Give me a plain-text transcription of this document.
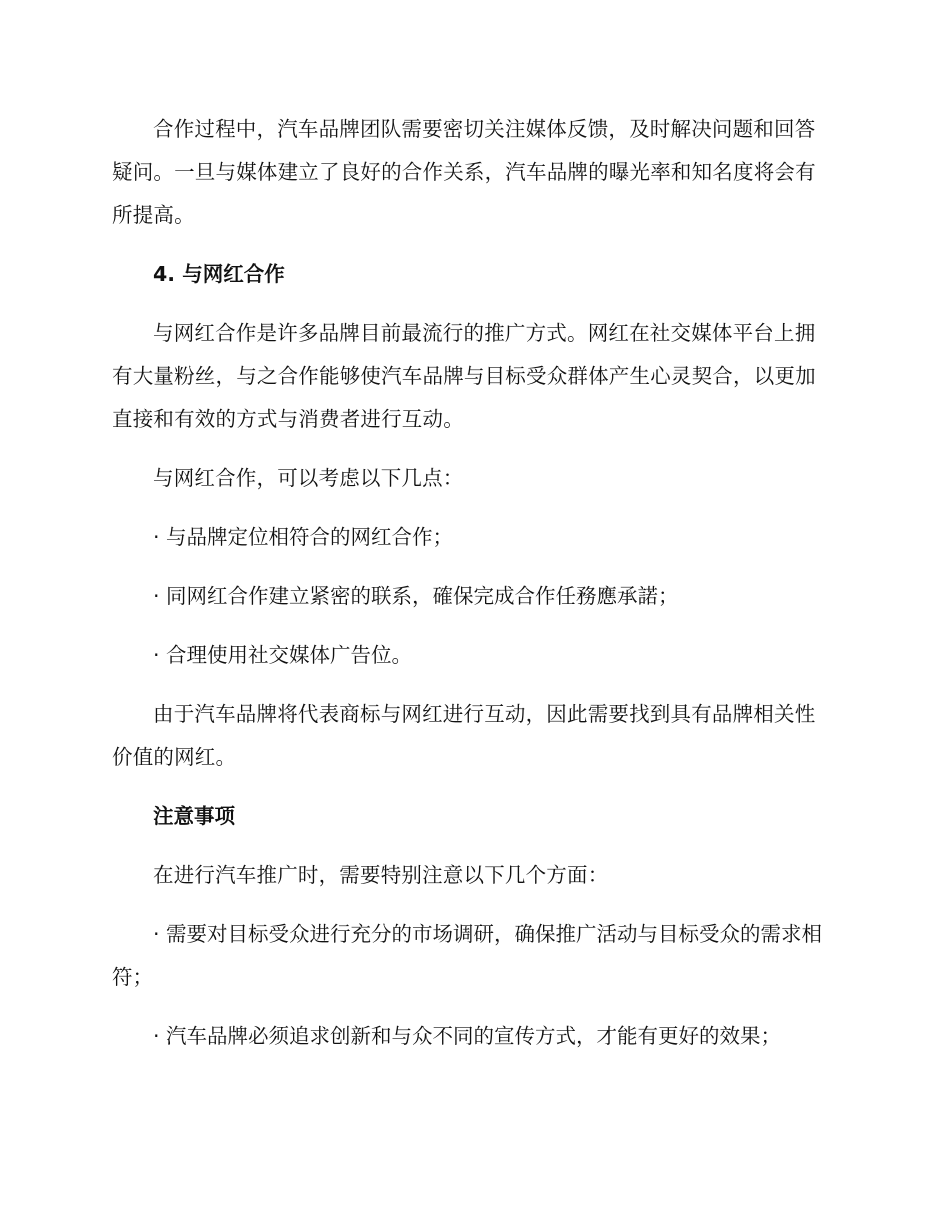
合作过程中，汽车品牌团队需要密切关注媒体反馈，及时解决问题和回答疑问。一旦与媒体建立了良好的合作关系，汽车品牌的曝光率和知名度将会有所提高。

4. 与网红合作

与网红合作是许多品牌目前最流行的推广方式。网红在社交媒体平台上拥有大量粉丝，与之合作能够使汽车品牌与目标受众群体产生心灵契合，以更加直接和有效的方式与消费者进行互动。

与网红合作，可以考虑以下几点：

· 与品牌定位相符合的网红合作；

· 同网红合作建立紧密的联系，確保完成合作任務應承諾；

· 合理使用社交媒体广告位。

由于汽车品牌将代表商标与网红进行互动，因此需要找到具有品牌相关性价值的网红。

注意事项

在进行汽车推广时，需要特别注意以下几个方面：

· 需要对目标受众进行充分的市场调研，确保推广活动与目标受众的需求相符；

· 汽车品牌必须追求创新和与众不同的宣传方式，才能有更好的效果；
